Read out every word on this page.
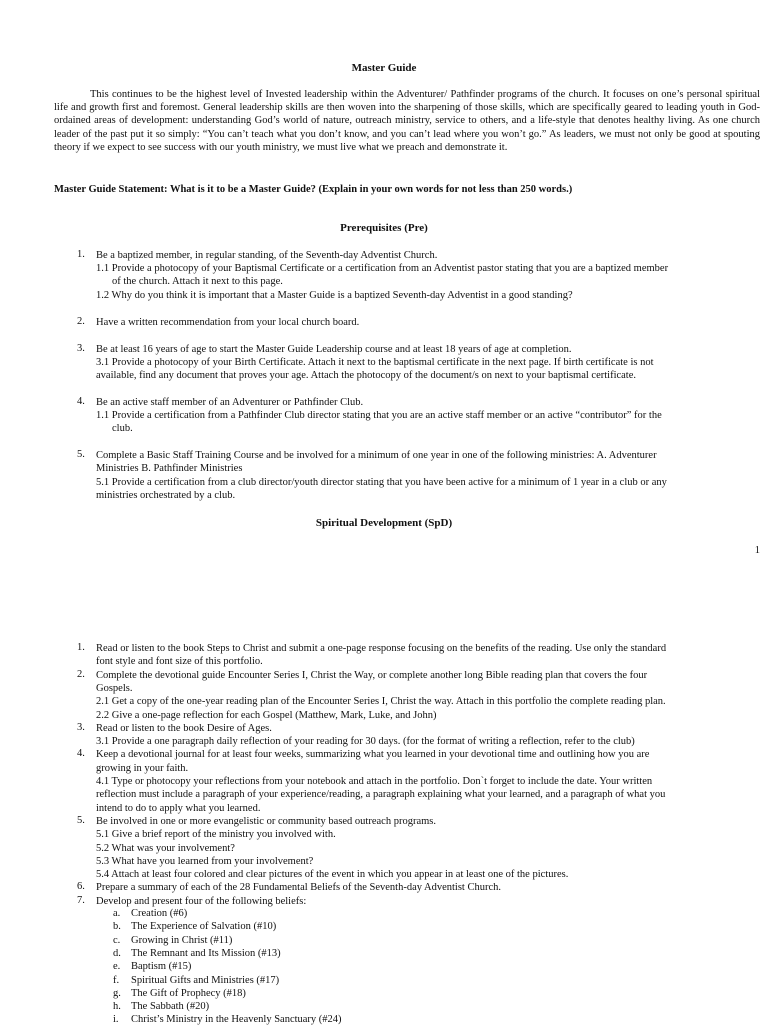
Master Guide
This continues to be the highest level of Invested leadership within the Adventurer/ Pathfinder programs of the church. It focuses on one’s personal spiritual life and growth first and foremost. General leadership skills are then woven into the sharpening of those skills, which are specifically geared to leading youth in God-ordained areas of development: understanding God’s world of nature, outreach ministry, service to others, and a life-style that denotes healthy living. As one church leader of the past put it so simply: “You can’t teach what you don’t know, and you can’t lead where you won’t go.” As leaders, we must not only be good at spouting theory if we expect to see success with our youth ministry, we must live what we preach and demonstrate it.
Master Guide Statement: What is it to be a Master Guide? (Explain in your own words for not less than 250 words.)
Prerequisites (Pre)
1. Be a baptized member, in regular standing, of the Seventh-day Adventist Church.
1.1 Provide a photocopy of your Baptismal Certificate or a certification from an Adventist pastor stating that you are a baptized member
of the church. Attach it next to this page.
1.2 Why do you think it is important that a Master Guide is a baptized Seventh-day Adventist in a good standing?
2. Have a written recommendation from your local church board.
3. Be at least 16 years of age to start the Master Guide Leadership course and at least 18 years of age at completion.
3.1 Provide a photocopy of your Birth Certificate. Attach it next to the baptismal certificate in the next page. If birth certificate is not
available, find any document that proves your age. Attach the photocopy of the document/s on next to your baptismal certificate.
4. Be an active staff member of an Adventurer or Pathfinder Club.
1.1 Provide a certification from a Pathfinder Club director stating that you are an active staff member or an active “contributor” for the
club.
5. Complete a Basic Staff Training Course and be involved for a minimum of one year in one of the following ministries: A. Adventurer
Ministries B. Pathfinder Ministries
5.1 Provide a certification from a club director/youth director stating that you have been active for a minimum of 1 year in a club or any
ministries orchestrated by a club.
Spiritual Development (SpD)
1
1. Read or listen to the book Steps to Christ and submit a one-page response focusing on the benefits of the reading. Use only the standard
font style and font size of this portfolio.
2. Complete the devotional guide Encounter Series I, Christ the Way, or complete another long Bible reading plan that covers the four
Gospels.
2.1 Get a copy of the one-year reading plan of the Encounter Series I, Christ the way. Attach in this portfolio the complete reading plan.
2.2 Give a one-page reflection for each Gospel (Matthew, Mark, Luke, and John)
3. Read or listen to the book Desire of Ages.
3.1 Provide a one paragraph daily reflection of your reading for 30 days. (for the format of writing a reflection, refer to the club)
4. Keep a devotional journal for at least four weeks, summarizing what you learned in your devotional time and outlining how you are
growing in your faith.
4.1 Type or photocopy your reflections from your notebook and attach in the portfolio. Don`t forget to include the date. Your written
reflection must include a paragraph of your experience/reading, a paragraph explaining what your learned, and a paragraph of what you
intend to do to apply what you learned.
5. Be involved in one or more evangelistic or community based outreach programs.
5.1 Give a brief report of the ministry you involved with.
5.2 What was your involvement?
5.3 What have you learned from your involvement?
5.4 Attach at least four colored and clear pictures of the event in which you appear in at least one of the pictures.
6. Prepare a summary of each of the 28 Fundamental Beliefs of the Seventh-day Adventist Church.
7. Develop and present four of the following beliefs:
a. Creation (#6)
b. The Experience of Salvation (#10)
c. Growing in Christ (#11)
d. The Remnant and Its Mission (#13)
e. Baptism (#15)
f. Spiritual Gifts and Ministries (#17)
g. The Gift of Prophecy (#18)
h. The Sabbath (#20)
i. Christ’s Ministry in the Heavenly Sanctuary (#24)
